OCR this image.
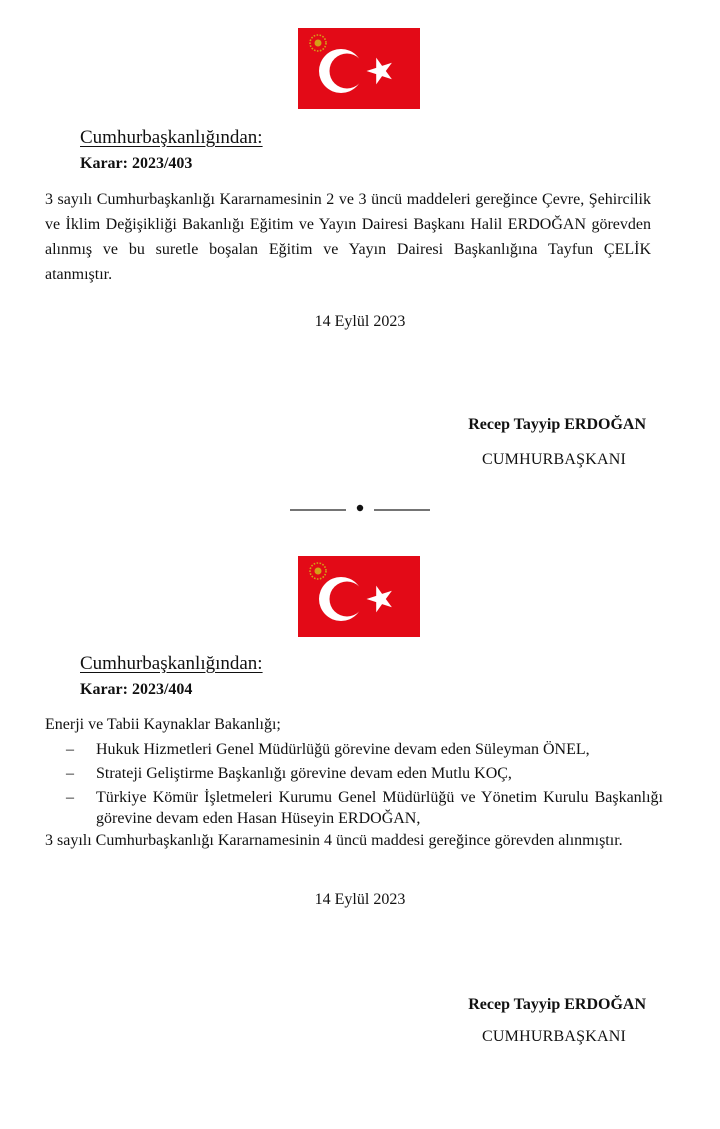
Cumhurbaşkanlığından:
Karar: 2023/403

3 sayılı Cumhurbaşkanlığı Kararnamesinin 2 ve 3 üncü maddeleri gereğince Çevre, Şehircilik
ve İklim Değişikliği Bakanlığı Eğitim ve Yayın Dairesi Başkanı Halil ERDOĞAN görevden
alınmış ve bu suretle boşalan Eğitim ve Yayın Dairesi Başkanlığına Tayfun ÇELİK
atanmıştır.

14 Eylül 2023
Recep Tayyip ERDOĞAN
CUMHURBAŞKANI
Cumhurbaşkanlığından:
Karar: 2023/404
Enerji ve Tabii Kaynaklar Bakanlığı;
– Hukuk Hizmetleri Genel Müdürlüğü görevine devam eden Süleyman ÖNEL,
– Strateji Geliştirme Başkanlığı görevine devam eden Mutlu KOÇ,
– Türkiye Kömür İşletmeleri Kurumu Genel Müdürlüğü ve Yönetim Kurulu Başkanlığı
görevine devam eden Hasan Hüseyin ERDOĞAN,
3 sayılı Cumhurbaşkanlığı Kararnamesinin 4 üncü maddesi gereğince görevden alınmıştır.
14 Eylül 2023
Recep Tayyip ERDOĞAN
CUMHURBAŞKANI
